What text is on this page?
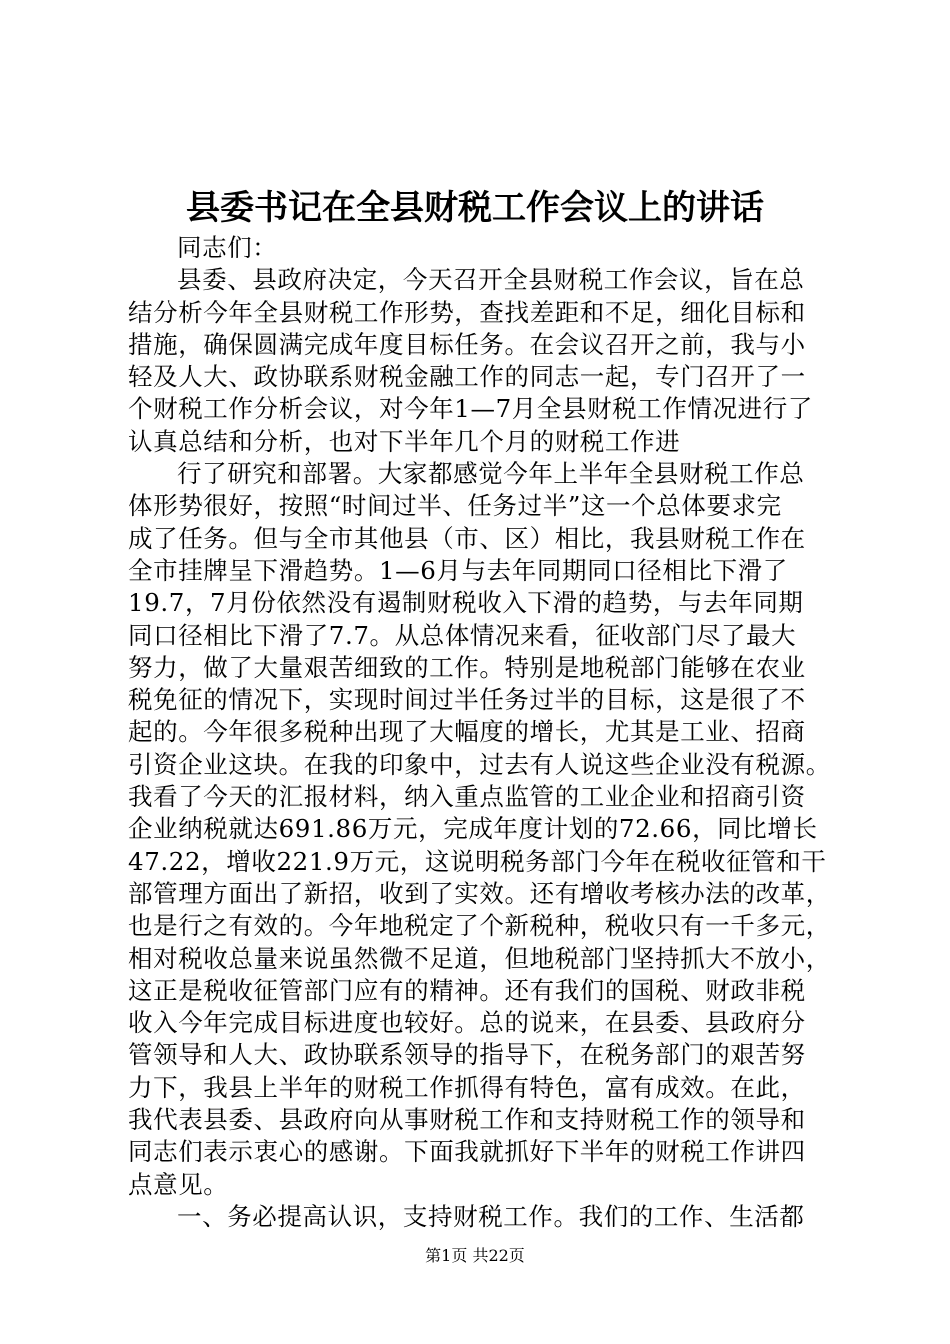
县委书记在全县财税工作会议上的讲话
同志们：
县委、县政府决定，今天召开全县财税工作会议，旨在总
结分析今年全县财税工作形势，查找差距和不足，细化目标和
措施，确保圆满完成年度目标任务。在会议召开之前，我与小
轻及人大、政协联系财税金融工作的同志一起，专门召开了一
个财税工作分析会议，对今年1—7月全县财税工作情况进行了
认真总结和分析，也对下半年几个月的财税工作进
行了研究和部署。大家都感觉今年上半年全县财税工作总
体形势很好，按照“时间过半、任务过半”这一个总体要求完
成了任务。但与全市其他县（市、区）相比，我县财税工作在
全市挂牌呈下滑趋势。1—6月与去年同期同口径相比下滑了
19.7，7月份依然没有遏制财税收入下滑的趋势，与去年同期
同口径相比下滑了7.7。从总体情况来看，征收部门尽了最大
努力，做了大量艰苦细致的工作。特别是地税部门能够在农业
税免征的情况下，实现时间过半任务过半的目标，这是很了不
起的。今年很多税种出现了大幅度的增长，尤其是工业、招商
引资企业这块。在我的印象中，过去有人说这些企业没有税源。
我看了今天的汇报材料，纳入重点监管的工业企业和招商引资
企业纳税就达691.86万元，完成年度计划的72.66，同比增长
47.22，增收221.9万元，这说明税务部门今年在税收征管和干
部管理方面出了新招，收到了实效。还有增收考核办法的改革，
也是行之有效的。今年地税定了个新税种，税收只有一千多元，
相对税收总量来说虽然微不足道，但地税部门坚持抓大不放小，
这正是税收征管部门应有的精神。还有我们的国税、财政非税
收入今年完成目标进度也较好。总的说来，在县委、县政府分
管领导和人大、政协联系领导的指导下，在税务部门的艰苦努
力下，我县上半年的财税工作抓得有特色，富有成效。在此，
我代表县委、县政府向从事财税工作和支持财税工作的领导和
同志们表示衷心的感谢。下面我就抓好下半年的财税工作讲四
点意见。
一、务必提高认识，支持财税工作。我们的工作、生活都
第1页 共22页
